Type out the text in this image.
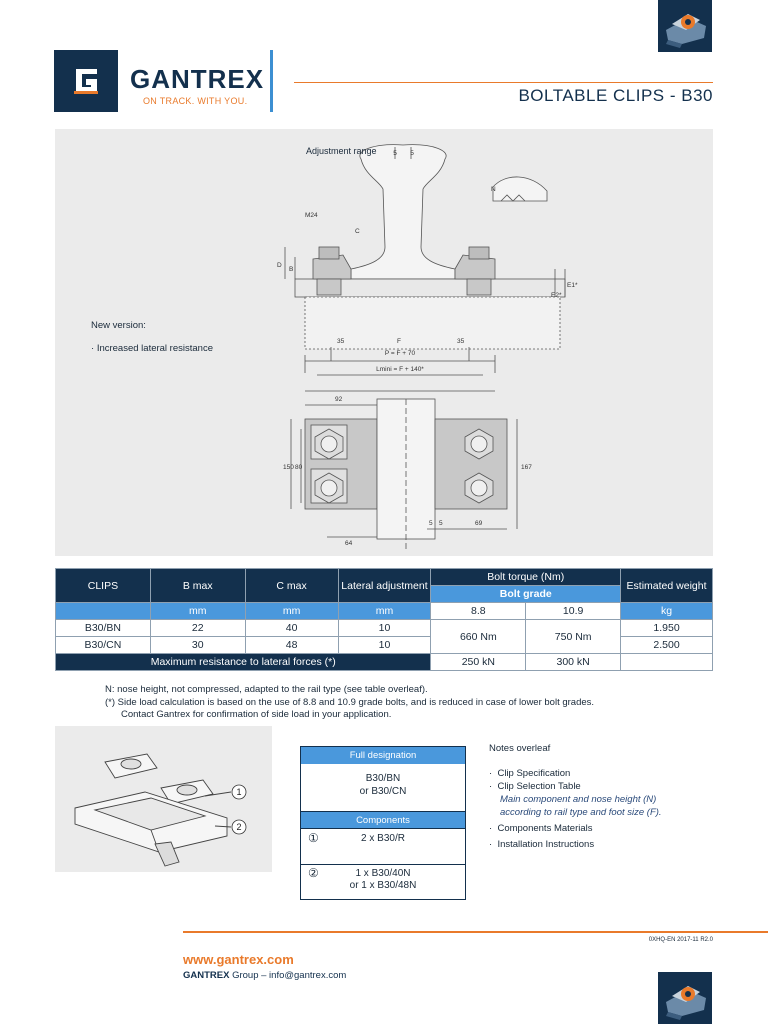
GANTREX
ON TRACK. WITH YOU.	BOLTABLE CLIPS - B30
5 5
M24
C
D
B
N
E1*
E2*
35	F	35
P = F + 70
Lmini = F + 140*
92
150 80	167
64
5 5	69
Adjustment range
New version:
· Increased lateral resistance
CLIPS	B max	C max	Lateral adjustment	Bolt torque (Nm)		Estimated weight
				Bolt grade		
	mm	mm	mm	8.8	10.9	kg
B30/BN	22	40	10	660 Nm	750 Nm	1.950
B30/CN	30	48	10			2.500
Maximum resistance to lateral forces (*)				250 kN	300 kN	
N: nose height, not compressed, adapted to the rail type (see table overleaf).
(*) Side load calculation is based on the use of 8.8 and 10.9 grade bolts, and is reduced in case of lower bolt grades.
Contact Gantrex for confirmation of side load in your application.
1
2
Full designation
B30/BN
or B30/CN
Components
①	2 x B30/R
②	1 x B30/40N
or 1 x B30/48N
Notes overleaf
·  Clip Specification
·  Clip Selection Table
Main component and nose height (N)
according to rail type and foot size (F).
·  Components Materials
·  Installation Instructions
0XHQ-EN 2017-11 R2.0
www.gantrex.com
GANTREX Group – info@gantrex.com
